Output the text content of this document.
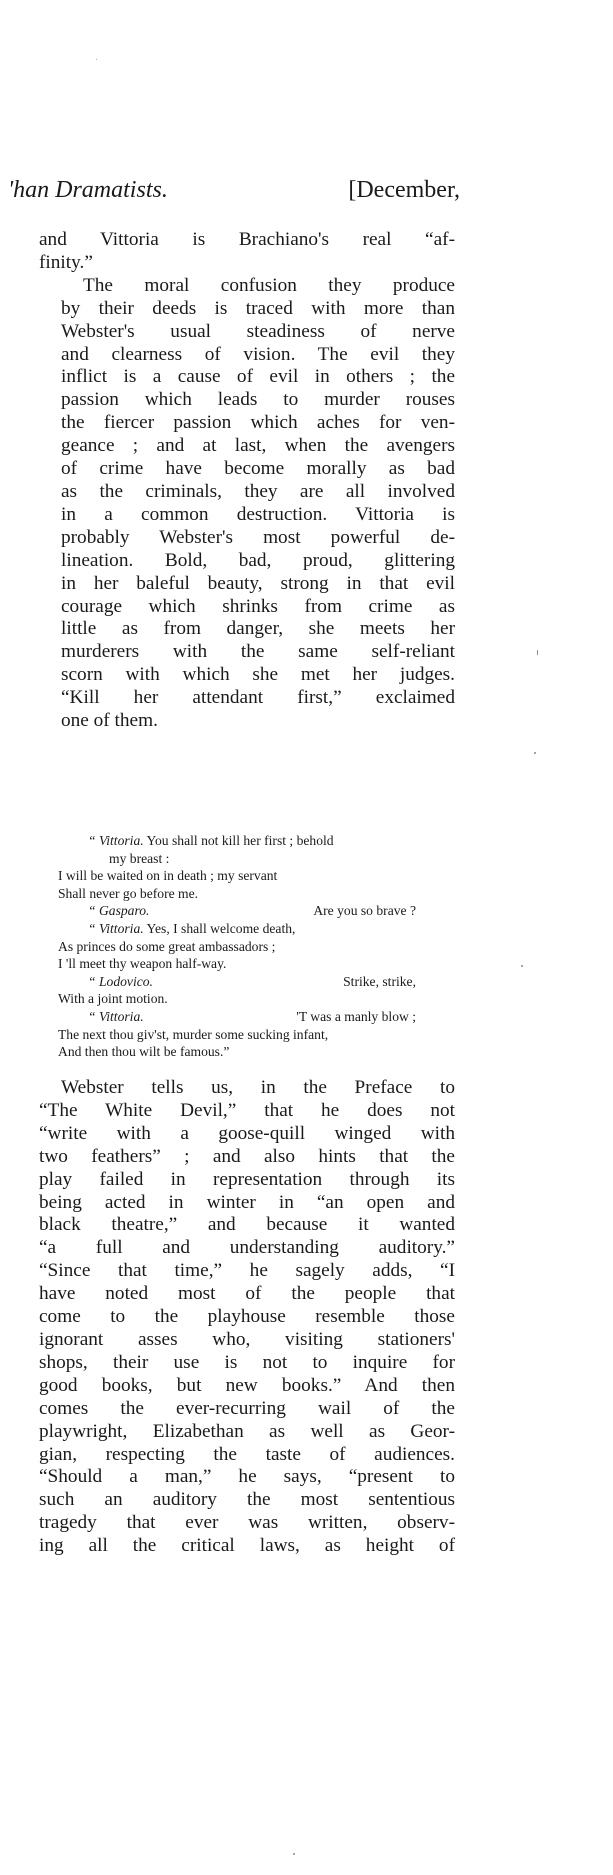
'han Dramatists.	[December,

and Vittoria is Brachiano's real “af-
finity.”

The moral confusion they produce
by their deeds is traced with more than
Webster's usual steadiness of nerve
and clearness of vision. The evil they
inflict is a cause of evil in others ; the
passion which leads to murder rouses
the fiercer passion which aches for ven-
geance ; and at last, when the avengers
of crime have become morally as bad
as the criminals, they are all involved
in a common destruction. Vittoria is
probably Webster's most powerful de-
lineation. Bold, bad, proud, glittering
in her baleful beauty, strong in that evil
courage which shrinks from crime as
little as from danger, she meets her
murderers with the same self-reliant
scorn with which she met her judges.
“Kill her attendant first,” exclaimed
one of them.

“ Vittoria. You shall not kill her first ; behold
my breast :
I will be waited on in death ; my servant
Shall never go before me.
“ Gasparo.	Are you so brave ?
“ Vittoria. Yes, I shall welcome death,
As princes do some great ambassadors ;
I 'll meet thy weapon half-way.
“ Lodovico.	Strike, strike,
With a joint motion.
“ Vittoria.	'T was a manly blow ;
The next thou giv'st, murder some sucking infant,
And then thou wilt be famous.”

Webster tells us, in the Preface to
“The White Devil,” that he does not
“write with a goose-quill winged with
two feathers” ; and also hints that the
play failed in representation through its
being acted in winter in “an open and
black theatre,” and because it wanted
“a full and understanding auditory.”
“Since that time,” he sagely adds, “I
have noted most of the people that
come to the playhouse resemble those
ignorant asses who, visiting stationers'
shops, their use is not to inquire for
good books, but new books.” And then
comes the ever-recurring wail of the
playwright, Elizabethan as well as Geor-
gian, respecting the taste of audiences.
“Should a man,” he says, “present to
such an auditory the most sententious
tragedy that ever was written, observ-
ing all the critical laws, as height of
